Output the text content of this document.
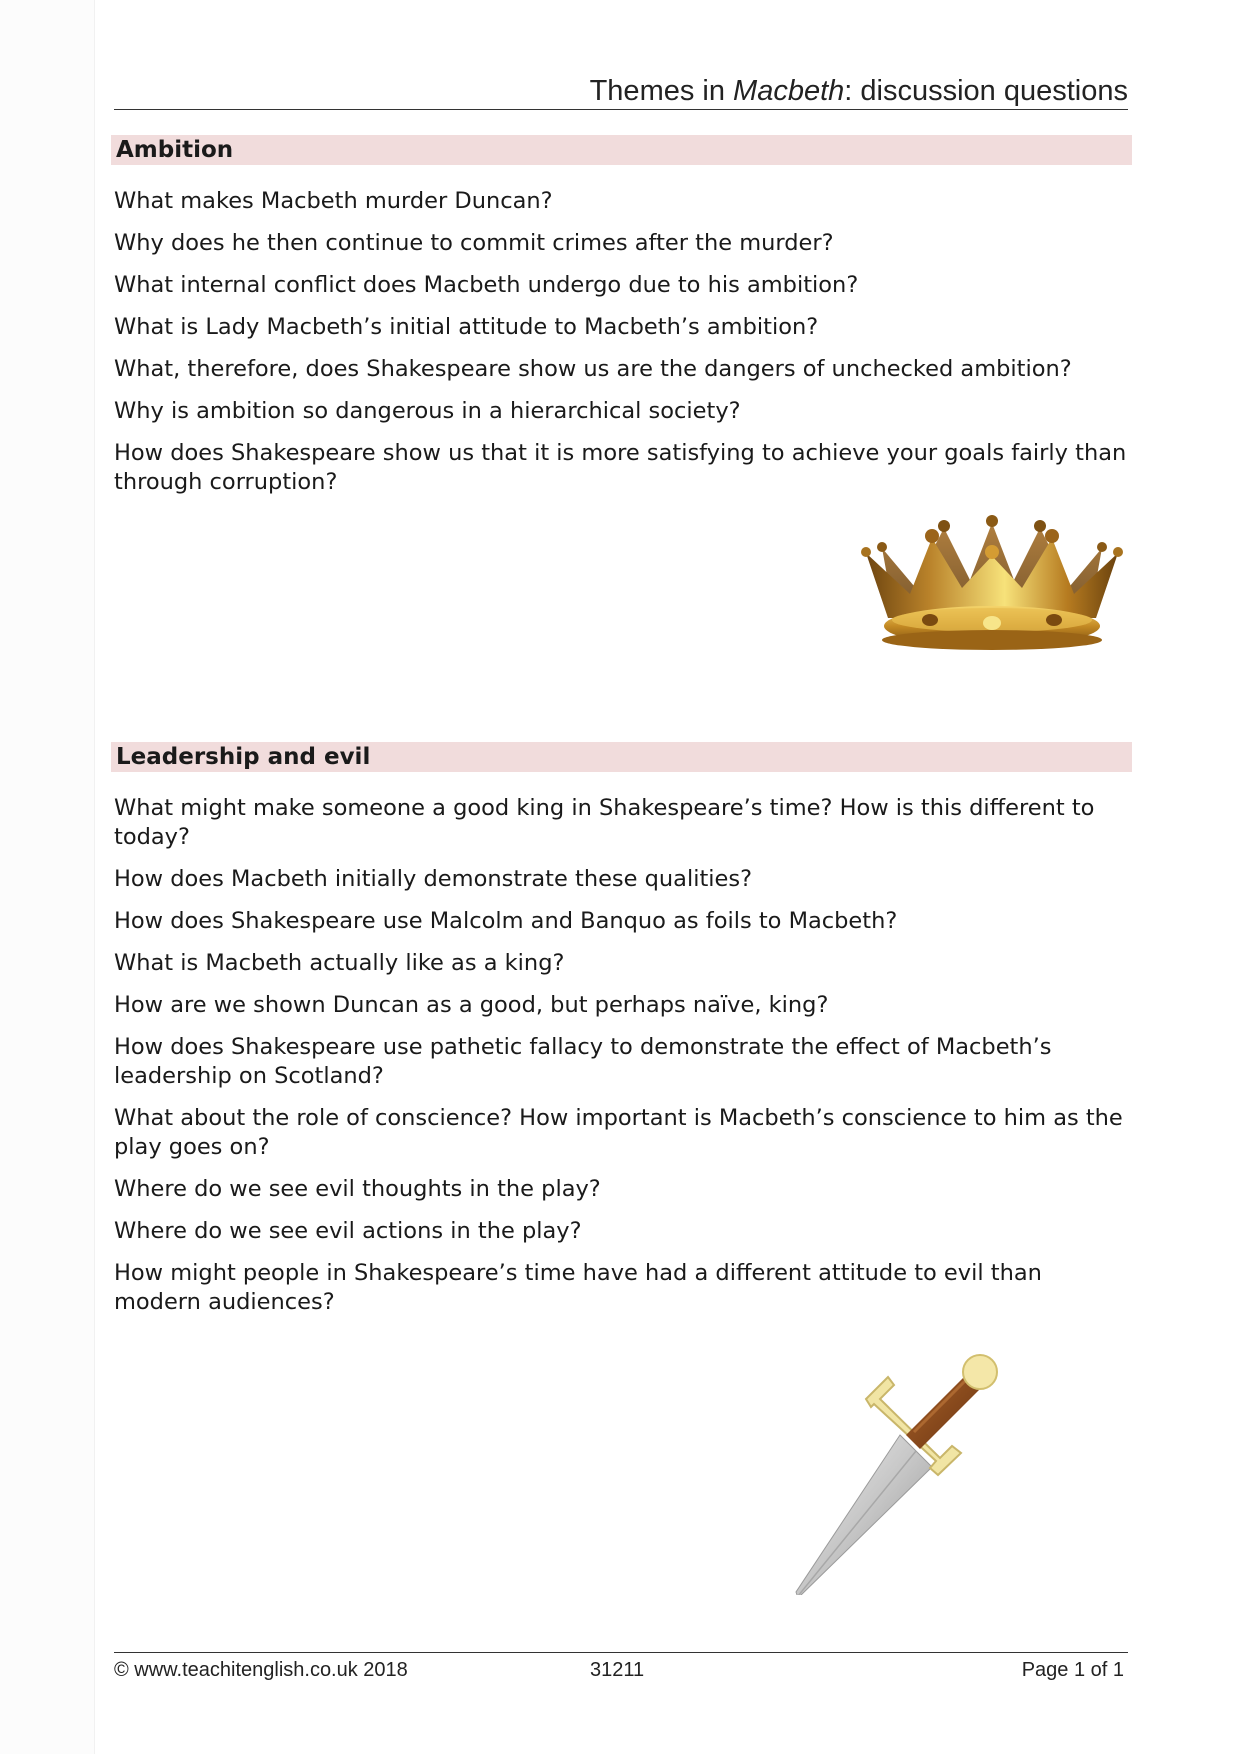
Themes in Macbeth: discussion questions
Ambition
What makes Macbeth murder Duncan?
Why does he then continue to commit crimes after the murder?
What internal conflict does Macbeth undergo due to his ambition?
What is Lady Macbeth’s initial attitude to Macbeth’s ambition?
What, therefore, does Shakespeare show us are the dangers of unchecked ambition?
Why is ambition so dangerous in a hierarchical society?
How does Shakespeare show us that it is more satisfying to achieve your goals fairly than through corruption?
Leadership and evil
What might make someone a good king in Shakespeare’s time? How is this different to today?
How does Macbeth initially demonstrate these qualities?
How does Shakespeare use Malcolm and Banquo as foils to Macbeth?
What is Macbeth actually like as a king?
How are we shown Duncan as a good, but perhaps naïve, king?
How does Shakespeare use pathetic fallacy to demonstrate the effect of Macbeth’s leadership on Scotland?
What about the role of conscience? How important is Macbeth’s conscience to him as the play goes on?
Where do we see evil thoughts in the play?
Where do we see evil actions in the play?
How might people in Shakespeare’s time have had a different attitude to evil than modern audiences?
© www.teachitenglish.co.uk 2018	31211	Page 1 of 1
